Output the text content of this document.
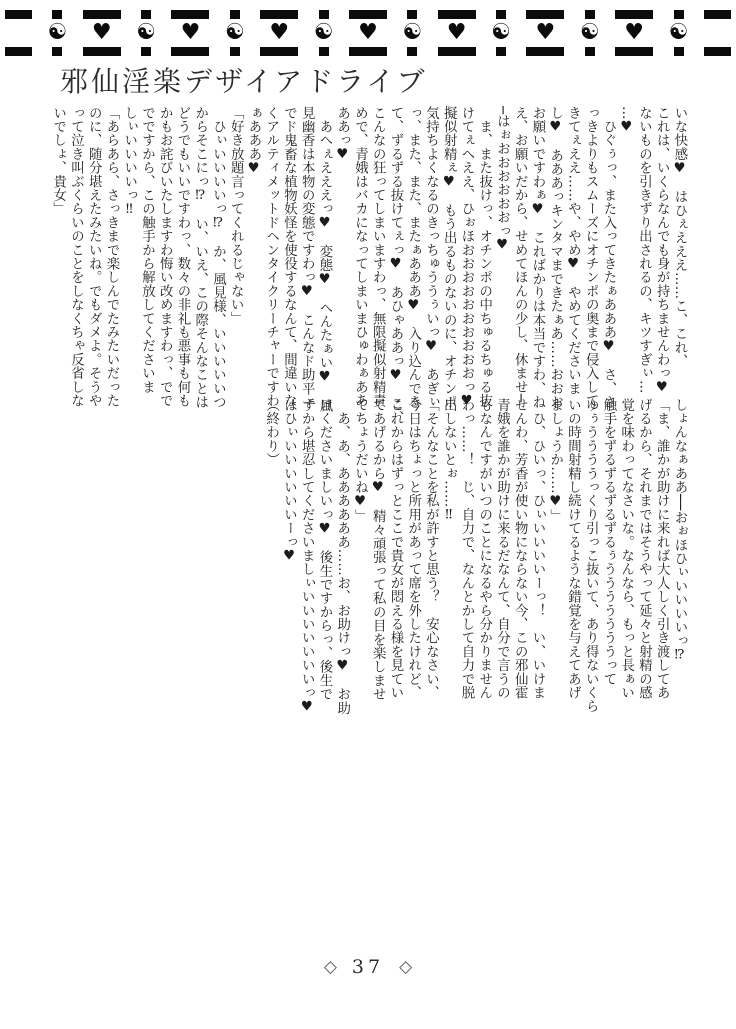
☯ ♥ ☯ ♥ ☯ ♥ ☯ ♥ ☯ ♥ ☯ ♥ ☯ ♥ ☯
邪仙淫楽デザイアドライブ
いな快感♥　はひぇえええ……こ、これ、
これは、いくらなんでも身が持ちませんわっ♥
ないものを引きずり出されるの、キツすぎぃ…
…♥
　ひぐぅっ、また入ってきたぁあああ♥　さ、さ
っきよりもスムーズにオチンポの奥まで侵入して
きてぇええ……や、やめ♥　やめてくださいま
し♥　あああっキンタマまできたぁあ……おおお
お願いですわぁ♥　こればかりは本当ですわ、ね
え、お願いだから、せめてほんの少し、休ませ─
─はぉおおおおおおっ♥
　ま、また抜けっ、オチンポの中ちゅるちゅる抜
けてぇへええ、ひぉほおおおおおおおおおおっ♥
擬似射精ぇ♥　もう出るものないのに、オチンポ
気持ちよくなるのきっちゅううぅいっ♥　あぎぃ
っ、また、また、またぁあああ♥　入り込んでき
て、ずるずる抜けてぇっ♥　あひゃああっ♥　こ、
こんなの狂ってしまいますわっ、無限擬似射精責
めで、青娥はバカになってしまいまひゅわぁああ
ああっ♥
　あへぇえええっ♥　変態♥　へんたぁい♥　風
見幽香は本物の変態ですわっ♥　こんなド助平ェ
でド鬼畜な植物妖怪を使役するなんて、間違いな
くアルティメットドヘンタイクリーチャーですわ
ぁあああ♥
「好き放題言ってくれるじゃない」
　ひぃいいいいっ⁉　か、風見様、いいいいいつ
からそこにっ⁉　い、いえ、この際そんなことは
どうでもいいですわっ、数々の非礼も悪事も何も
かもお詫びいたしますわ悔い改めますわっ、でで
でですから、この触手から解放してくださいま
しぃいいいいっ‼
「あらあら、さっきまで楽しんでたみたいだった
のに、随分堪えたみたいね。でもダメよ。そうや
って泣き叫ぶくらいのことをしなくちゃ反省しな
いでしょ、貴女」
しょんなぁああ──おぉほひぃいいいいっ⁉
「ま、誰かが助けに来れば大人しく引き渡してあ
げるから、それまではそうやって延々と射精の感
覚を味わってなさいな。なんなら、もっと長ぁい
触手をずるずるずるずるぅうううううううって
ゆぅううううっくり引っこ抜いて、あり得ないくら
いの時間射精し続けてるような錯覚を与えてあげ
ましょうか……♥」
　ひ、ひいっ、ひぃいいいいーっ！　い、いけま
せんわ、芳香が使い物にならない今、この邪仙霍
青娥を誰かが助けに来るだなんて、自分で言うの
もなんですがいつのことになるやら分かりません
わっ……！　じ、自力で、なんとかして自力で脱
出しないとぉ……‼
「そんなことを私が許すと思う？　安心なさい、
今日はちょっと所用があって席を外したけれど、
これからはずっとここで貴女が悶える様を見てい
てあげるから♥　精々頑張って私の目を楽しませ
てちょうだいね♥」
　あ、あ、ああああああ……お、お助けっ♥　お助
けくださいましいっ♥　後生ですからっ、後生で
すから堪忍してくださいましぃいいいいいいいっ♥
はひぃいいいいいいーっ♥
（終わり）
◇ 37 ◇
